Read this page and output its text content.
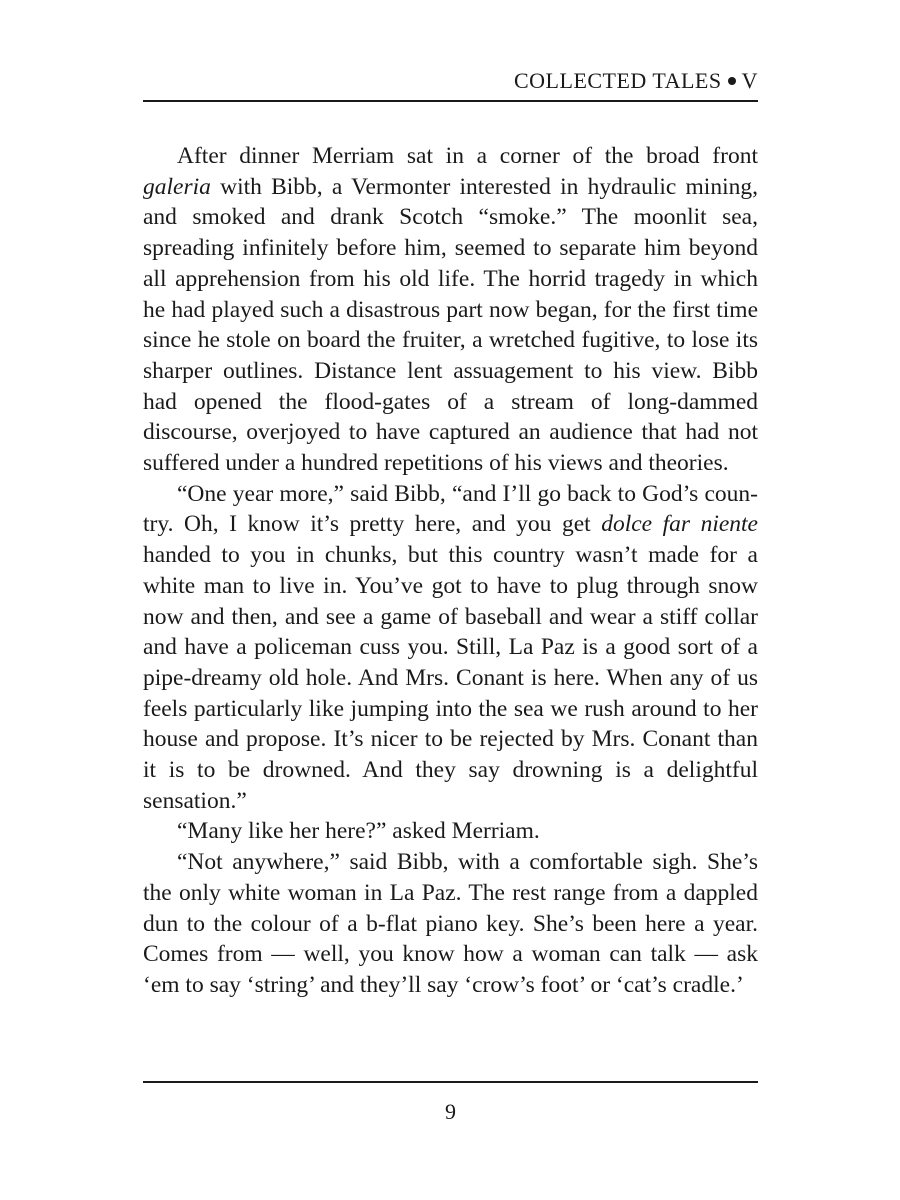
COLLECTED TALES V

After dinner Merriam sat in a corner of the broad front galeria with Bibb, a Vermonter interested in hydraulic mining, and smoked and drank Scotch “smoke.” The moonlit sea, spreading infinitely before him, seemed to separate him beyond all apprehension from his old life. The horrid tragedy in which he had played such a disastrous part now began, for the first time since he stole on board the fruiter, a wretched fugitive, to lose its sharper outlines. Distance lent assuagement to his view. Bibb had opened the flood-gates of a stream of long-dammed discourse, overjoyed to have captured an audience that had not suffered under a hundred repetitions of his views and theories.

“One year more,” said Bibb, “and I’ll go back to God’s country. Oh, I know it’s pretty here, and you get dolce far niente handed to you in chunks, but this country wasn’t made for a white man to live in. You’ve got to have to plug through snow now and then, and see a game of baseball and wear a stiff collar and have a policeman cuss you. Still, La Paz is a good sort of a pipe-dreamy old hole. And Mrs. Conant is here. When any of us feels particularly like jumping into the sea we rush around to her house and propose. It’s nicer to be rejected by Mrs. Conant than it is to be drowned. And they say drowning is a delightful sensation.”

“Many like her here?” asked Merriam.

“Not anywhere,” said Bibb, with a comfortable sigh. She’s the only white woman in La Paz. The rest range from a dappled dun to the colour of a b-flat piano key. She’s been here a year. Comes from — well, you know how a woman can talk — ask ‘em to say ‘string’ and they’ll say ‘crow’s foot’ or ‘cat’s cradle.’

9
